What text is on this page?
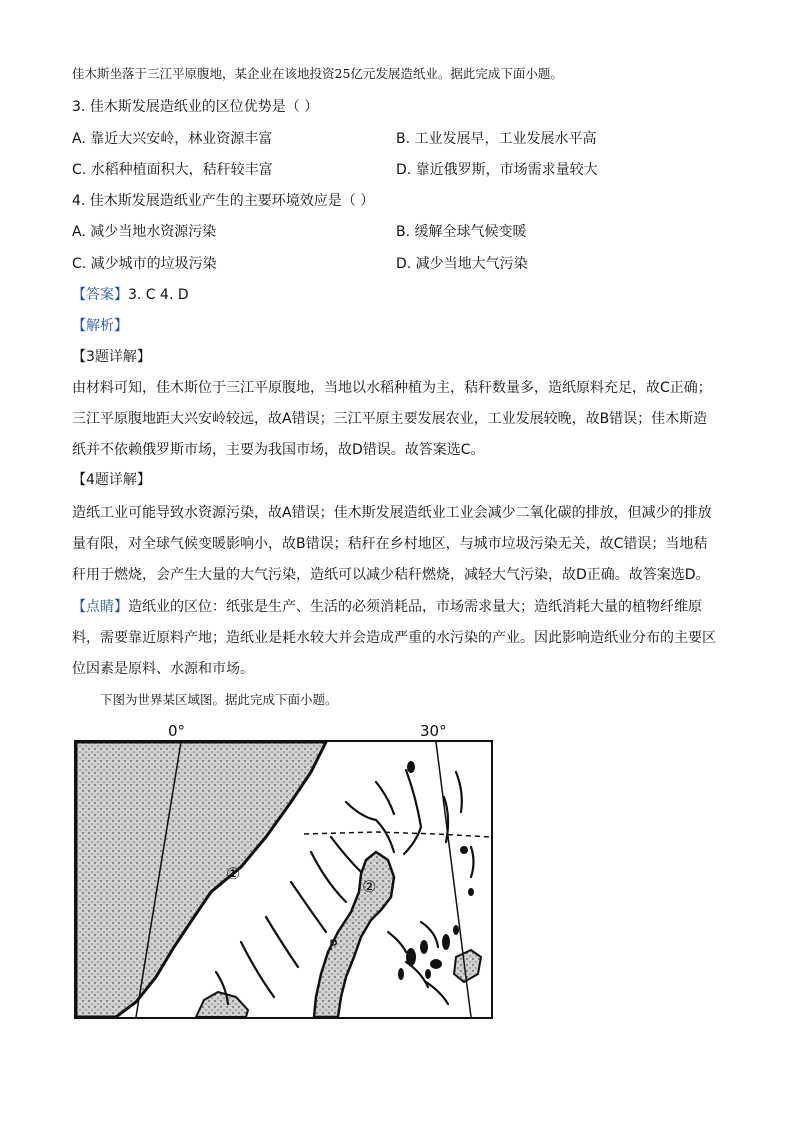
佳木斯坐落于三江平原腹地，某企业在该地投资25亿元发展造纸业。据此完成下面小题。
3. 佳木斯发展造纸业的区位优势是（ ）
A. 靠近大兴安岭，林业资源丰富	B. 工业发展早，工业发展水平高
C. 水稻种植面积大，秸秆较丰富	D. 靠近俄罗斯，市场需求量较大
4. 佳木斯发展造纸业产生的主要环境效应是（ ）
A. 减少当地水资源污染	B. 缓解全球气候变暖
C. 减少城市的垃圾污染	D. 减少当地大气污染
【答案】3. C 4. D
【解析】
【3题详解】
由材料可知，佳木斯位于三江平原腹地，当地以水稻种植为主，秸秆数量多，造纸原料充足，故C正确；
三江平原腹地距大兴安岭较远，故A错误；三江平原主要发展农业，工业发展较晚，故B错误；佳木斯造
纸并不依赖俄罗斯市场，主要为我国市场，故D错误。故答案选C。
【4题详解】
造纸工业可能导致水资源污染，故A错误；佳木斯发展造纸业工业会减少二氧化碳的排放，但减少的排放
量有限，对全球气候变暖影响小，故B错误；秸秆在乡村地区，与城市垃圾污染无关，故C错误；当地秸
秆用于燃烧，会产生大量的大气污染，造纸可以减少秸秆燃烧，减轻大气污染，故D正确。故答案选D。
【点睛】造纸业的区位：纸张是生产、生活的必须消耗品，市场需求量大；造纸消耗大量的植物纤维原
料，需要靠近原料产地；造纸业是耗水较大并会造成严重的水污染的产业。因此影响造纸业分布的主要区
位因素是原料、水源和市场。
下图为世界某区域图。据此完成下面小题。
0°	30°
①
②
P
